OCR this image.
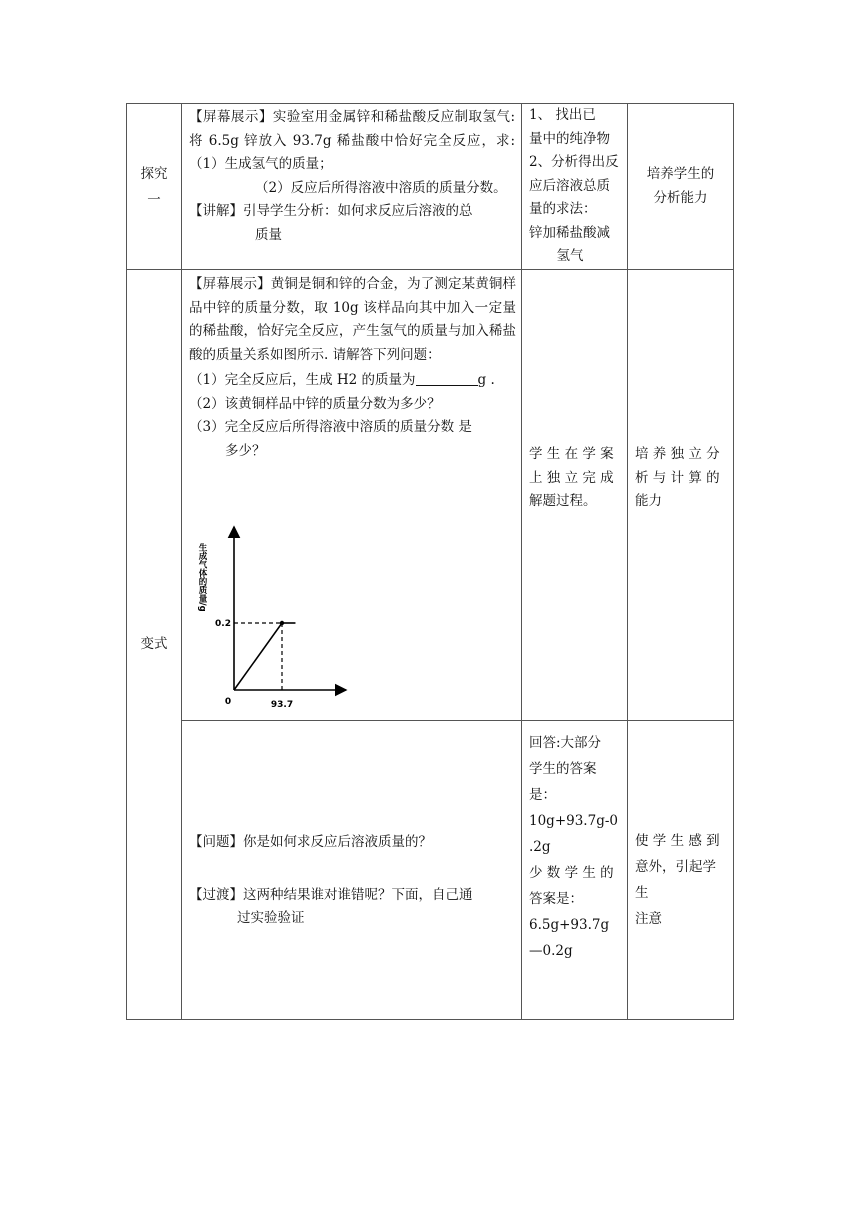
探究一
【屏幕展示】实验室用金属锌和稀盐酸反应制取氢气:将 6.5g 锌放入 93.7g 稀盐酸中恰好完全反应，求:（1）生成氢气的质量；
（2）反应后所得溶液中溶质的质量分数。
【讲解】引导学生分析：如何求反应后溶液的总
质量
1、 找出已
量中的纯净物
2、分析得出反
应后溶液总质
量的求法：
锌加稀盐酸减
氢气
培养学生的
分析能力
变式
【屏幕展示】黄铜是铜和锌的合金，为了测定某黄铜样品中锌的质量分数，取 10g 该样品向其中加入一定量的稀盐酸，恰好完全反应，产生氢气的质量与加入稀盐酸的质量关系如图所示. 请解答下列问题：
（1）完全反应后，生成 H2 的质量为	g .
（2）该黄铜样品中锌的质量分数为多少？
（3）完全反应后所得溶液中溶质的质量分数 是
多少？
生成气体的质量/g
0	93.7
0.2
学 生 在 学 案
上 独 立 完 成
解题过程。
培 养 独 立 分
析 与 计 算 的
能力
【问题】你是如何求反应后溶液质量的？
【过渡】这两种结果谁对谁错呢？下面，自己通
过实验验证
回答:大部分
学生的答案
是：
10g+93.7g-0
.2g
少 数 学 生 的
答案是：
6.5g+93.7g
—0.2g
使 学 生 感 到
意外，引起学生
注意
